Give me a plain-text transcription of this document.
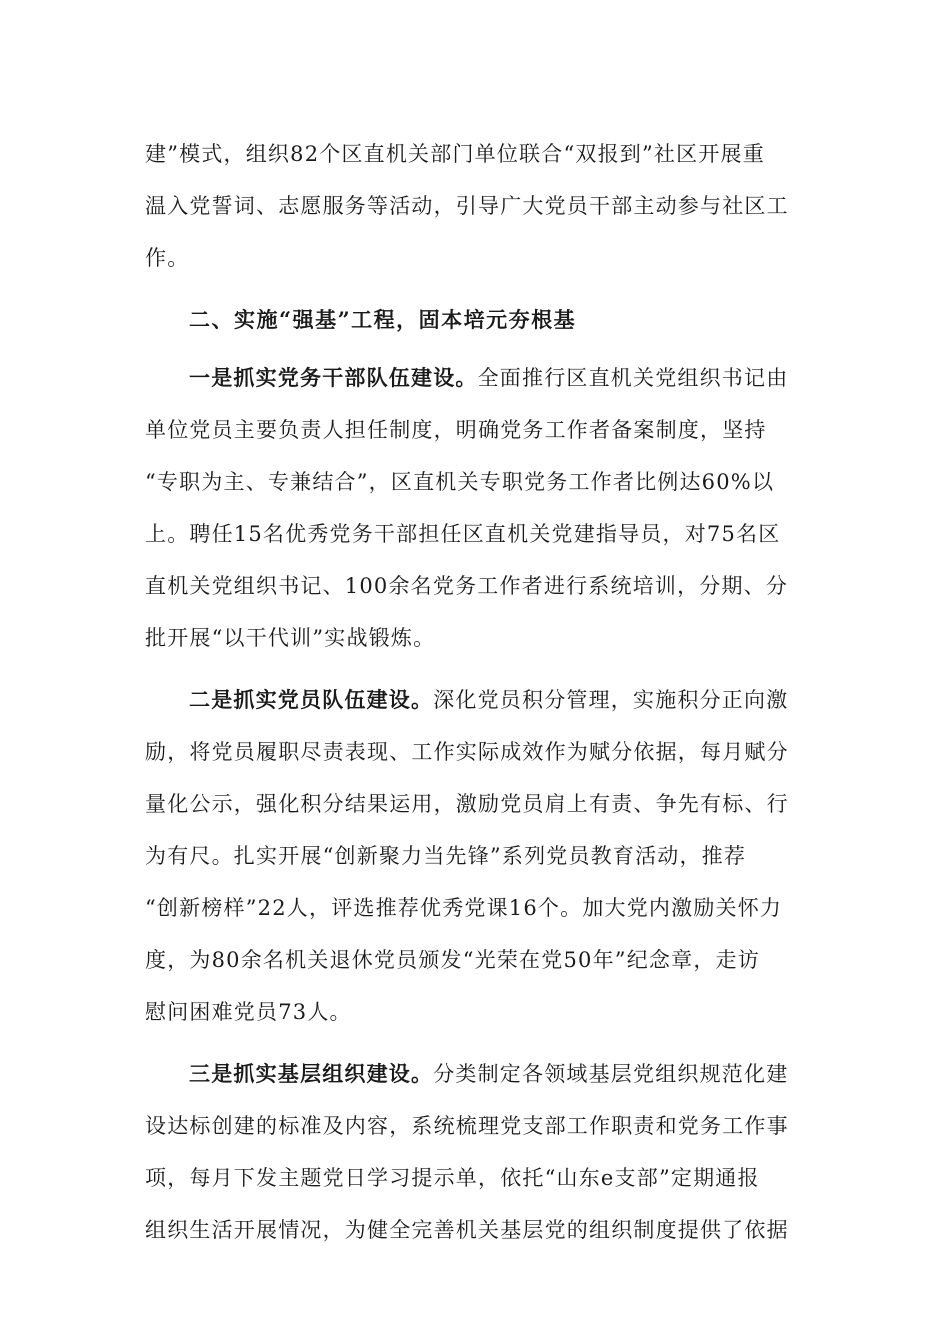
建”模式，组织82个区直机关部门单位联合“双报到”社区开展重
温入党誓词、志愿服务等活动，引导广大党员干部主动参与社区工
作。
二、实施“强基”工程，固本培元夯根基
一是抓实党务干部队伍建设。全面推行区直机关党组织书记由
单位党员主要负责人担任制度，明确党务工作者备案制度，坚持
“专职为主、专兼结合”，区直机关专职党务工作者比例达60%以
上。聘任15名优秀党务干部担任区直机关党建指导员，对75名区
直机关党组织书记、100余名党务工作者进行系统培训，分期、分
批开展“以干代训”实战锻炼。
二是抓实党员队伍建设。深化党员积分管理，实施积分正向激
励，将党员履职尽责表现、工作实际成效作为赋分依据，每月赋分
量化公示，强化积分结果运用，激励党员肩上有责、争先有标、行
为有尺。扎实开展“创新聚力当先锋”系列党员教育活动，推荐
“创新榜样”22人，评选推荐优秀党课16个。加大党内激励关怀力
度，为80余名机关退休党员颁发“光荣在党50年”纪念章，走访
慰问困难党员73人。
三是抓实基层组织建设。分类制定各领域基层党组织规范化建
设达标创建的标准及内容，系统梳理党支部工作职责和党务工作事
项，每月下发主题党日学习提示单，依托“山东e支部”定期通报
组织生活开展情况，为健全完善机关基层党的组织制度提供了依据
